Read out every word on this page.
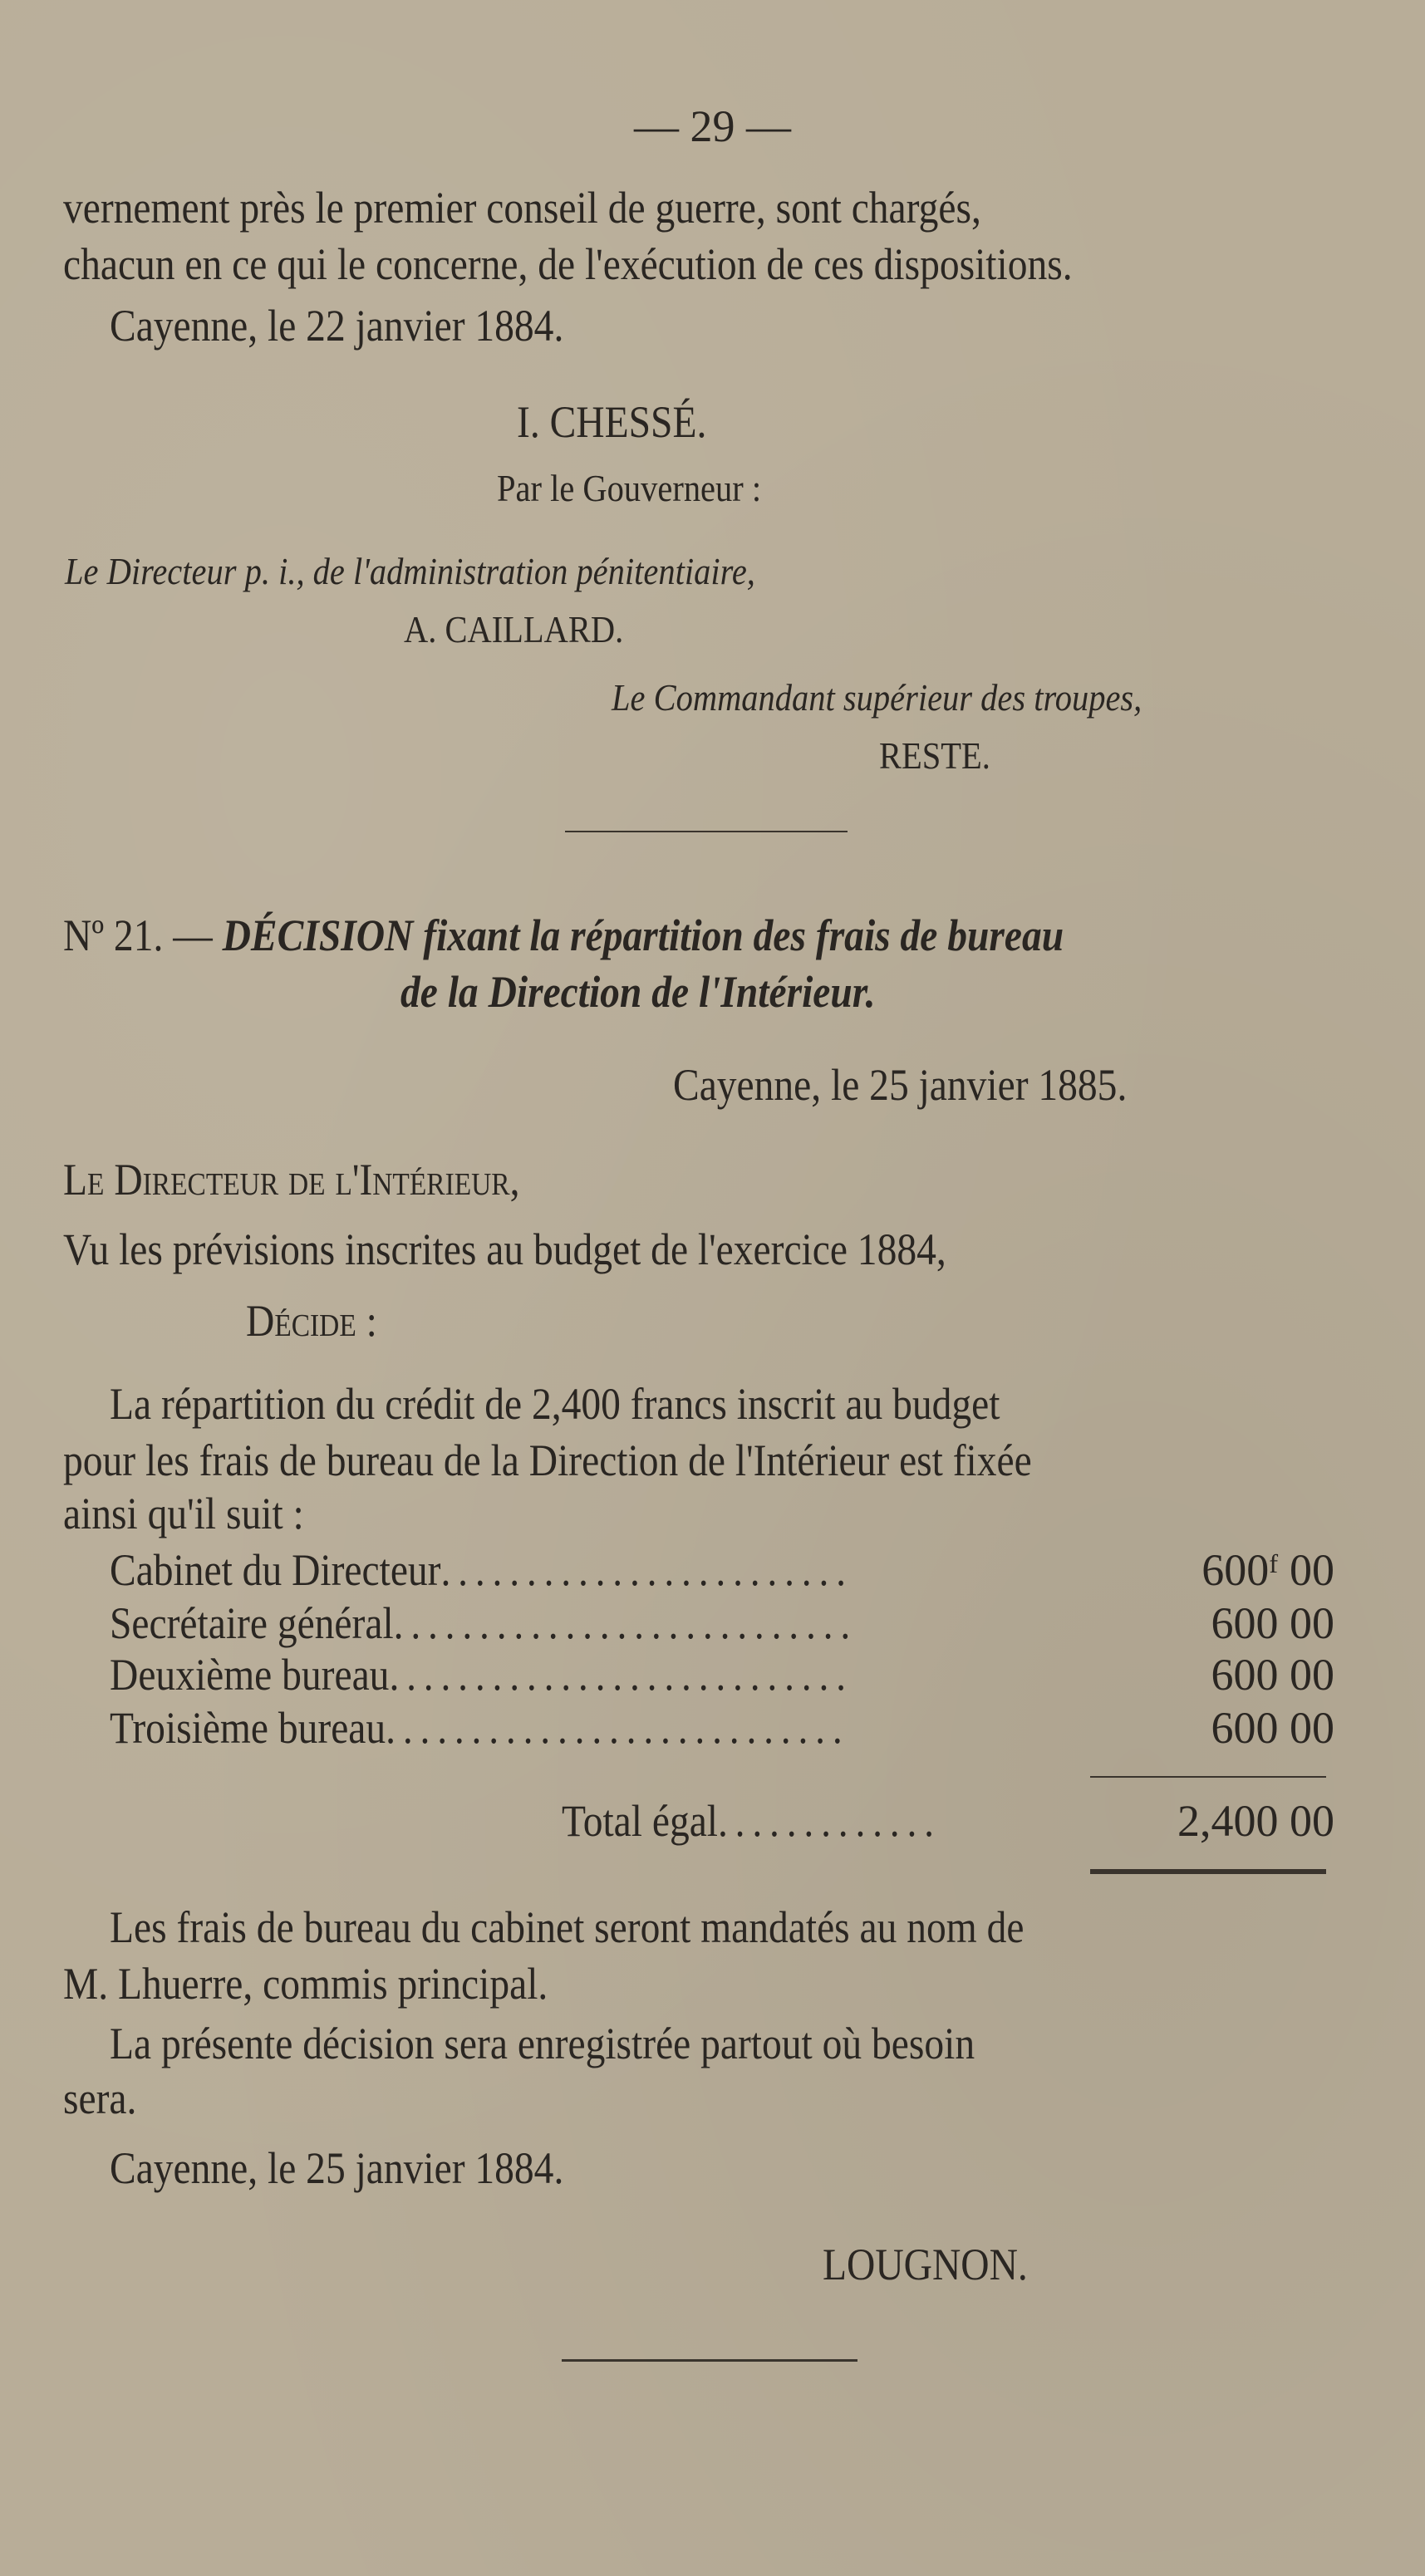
— 29 —
vernement près le premier conseil de guerre, sont chargés,
chacun en ce qui le concerne, de l'exécution de ces dispositions.
Cayenne, le 22 janvier 1884.
I. CHESSÉ.
Par le Gouverneur :
Le Directeur p. i., de l'administration pénitentiaire,
A. CAILLARD.
Le Commandant supérieur des troupes,
RESTE.
Nº 21. — DÉCISION fixant la répartition des frais de bureau
de la Direction de l'Intérieur.
Cayenne, le 25 janvier 1885.
Le Directeur de l'Intérieur,
Vu les prévisions inscrites au budget de l'exercice 1884,
Décide :
La répartition du crédit de 2,400 francs inscrit au budget
pour les frais de bureau de la Direction de l'Intérieur est fixée
ainsi qu'il suit :
Cabinet du Directeur........................	600ᶠ 00
Secrétaire général...........................	600 00
Deuxième bureau...........................	600 00
Troisième bureau...........................	600 00
Total égal.............	2,400 00
Les frais de bureau du cabinet seront mandatés au nom de
M. Lhuerre, commis principal.
La présente décision sera enregistrée partout où besoin
sera.
Cayenne, le 25 janvier 1884.
LOUGNON.
